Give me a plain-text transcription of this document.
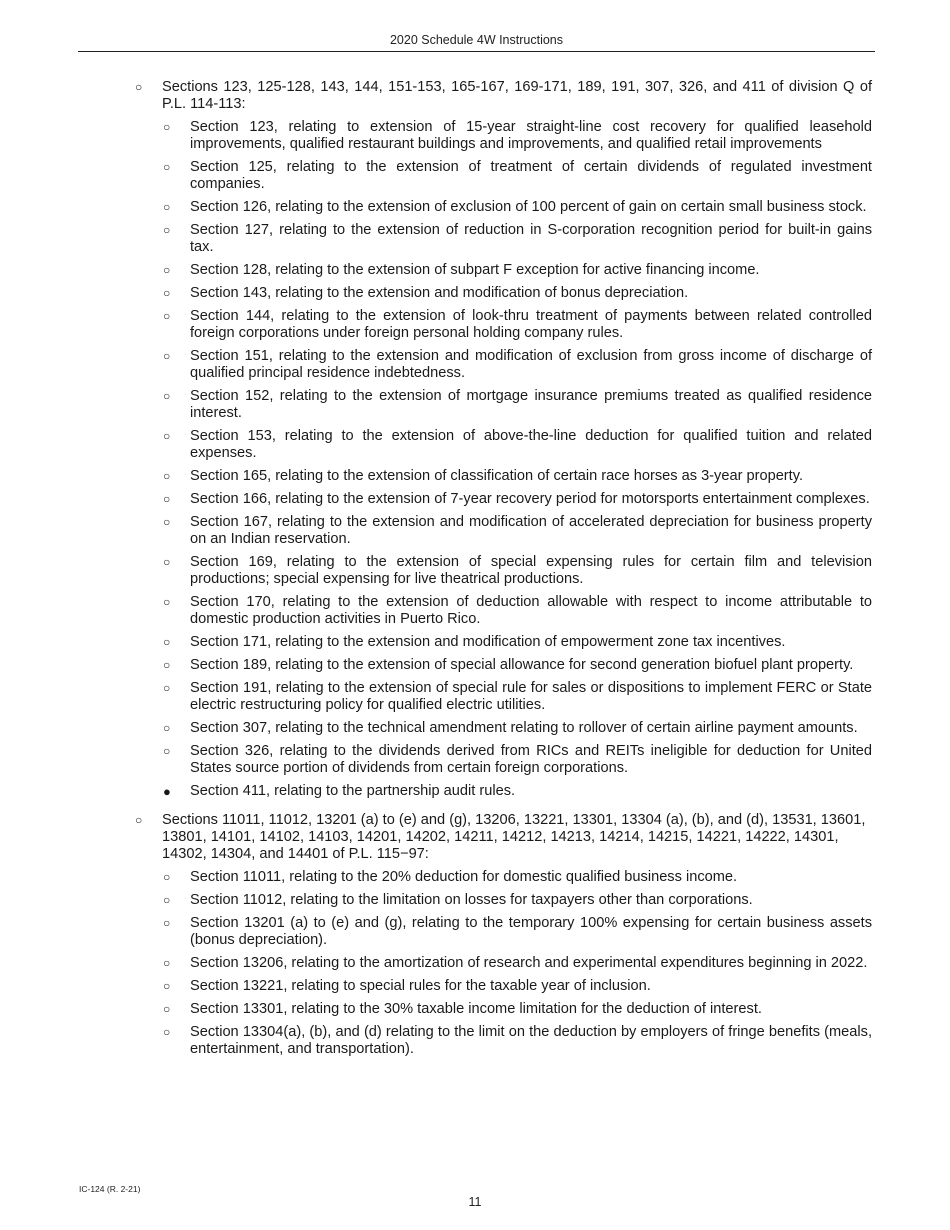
2020 Schedule 4W Instructions
○ Sections 123, 125-128, 143, 144, 151-153, 165-167, 169-171, 189, 191, 307, 326, and 411 of division Q of P.L. 114-113:
○ Section 123, relating to extension of 15-year straight-line cost recovery for qualified leasehold improvements, qualified restaurant buildings and improvements, and qualified retail improvements
○ Section 125, relating to the extension of treatment of certain dividends of regulated investment companies.
○ Section 126, relating to the extension of exclusion of 100 percent of gain on certain small business stock.
○ Section 127, relating to the extension of reduction in S-corporation recognition period for built-in gains tax.
○ Section 128, relating to the extension of subpart F exception for active financing income.
○ Section 143, relating to the extension and modification of bonus depreciation.
○ Section 144, relating to the extension of look-thru treatment of payments between related controlled foreign corporations under foreign personal holding company rules.
○ Section 151, relating to the extension and modification of exclusion from gross income of discharge of qualified principal residence indebtedness.
○ Section 152, relating to the extension of mortgage insurance premiums treated as qualified residence interest.
○ Section 153, relating to the extension of above-the-line deduction for qualified tuition and related expenses.
○ Section 165, relating to the extension of classification of certain race horses as 3-year property.
○ Section 166, relating to the extension of 7-year recovery period for motorsports entertainment complexes.
○ Section 167, relating to the extension and modification of accelerated depreciation for business property on an Indian reservation.
○ Section 169, relating to the extension of special expensing rules for certain film and television productions; special expensing for live theatrical productions.
○ Section 170, relating to the extension of deduction allowable with respect to income attributable to domestic production activities in Puerto Rico.
○ Section 171, relating to the extension and modification of empowerment zone tax incentives.
○ Section 189, relating to the extension of special allowance for second generation biofuel plant property.
○ Section 191, relating to the extension of special rule for sales or dispositions to implement FERC or State electric restructuring policy for qualified electric utilities.
○ Section 307, relating to the technical amendment relating to rollover of certain airline payment amounts.
○ Section 326, relating to the dividends derived from RICs and REITs ineligible for deduction for United States source portion of dividends from certain foreign corporations.
● Section 411, relating to the partnership audit rules.
○ Sections 11011, 11012, 13201 (a) to (e) and (g), 13206, 13221, 13301, 13304 (a), (b), and (d), 13531, 13601, 13801, 14101, 14102, 14103, 14201, 14202, 14211, 14212, 14213, 14214, 14215, 14221, 14222, 14301, 14302, 14304, and 14401 of P.L. 115−97:
○ Section 11011, relating to the 20% deduction for domestic qualified business income.
○ Section 11012, relating to the limitation on losses for taxpayers other than corporations.
○ Section 13201 (a) to (e) and (g), relating to the temporary 100% expensing for certain business assets (bonus depreciation).
○ Section 13206, relating to the amortization of research and experimental expenditures beginning in 2022.
○ Section 13221, relating to special rules for the taxable year of inclusion.
○ Section 13301, relating to the 30% taxable income limitation for the deduction of interest.
○ Section 13304(a), (b), and (d) relating to the limit on the deduction by employers of fringe benefits (meals, entertainment, and transportation).
IC-124 (R. 2-21)
11
